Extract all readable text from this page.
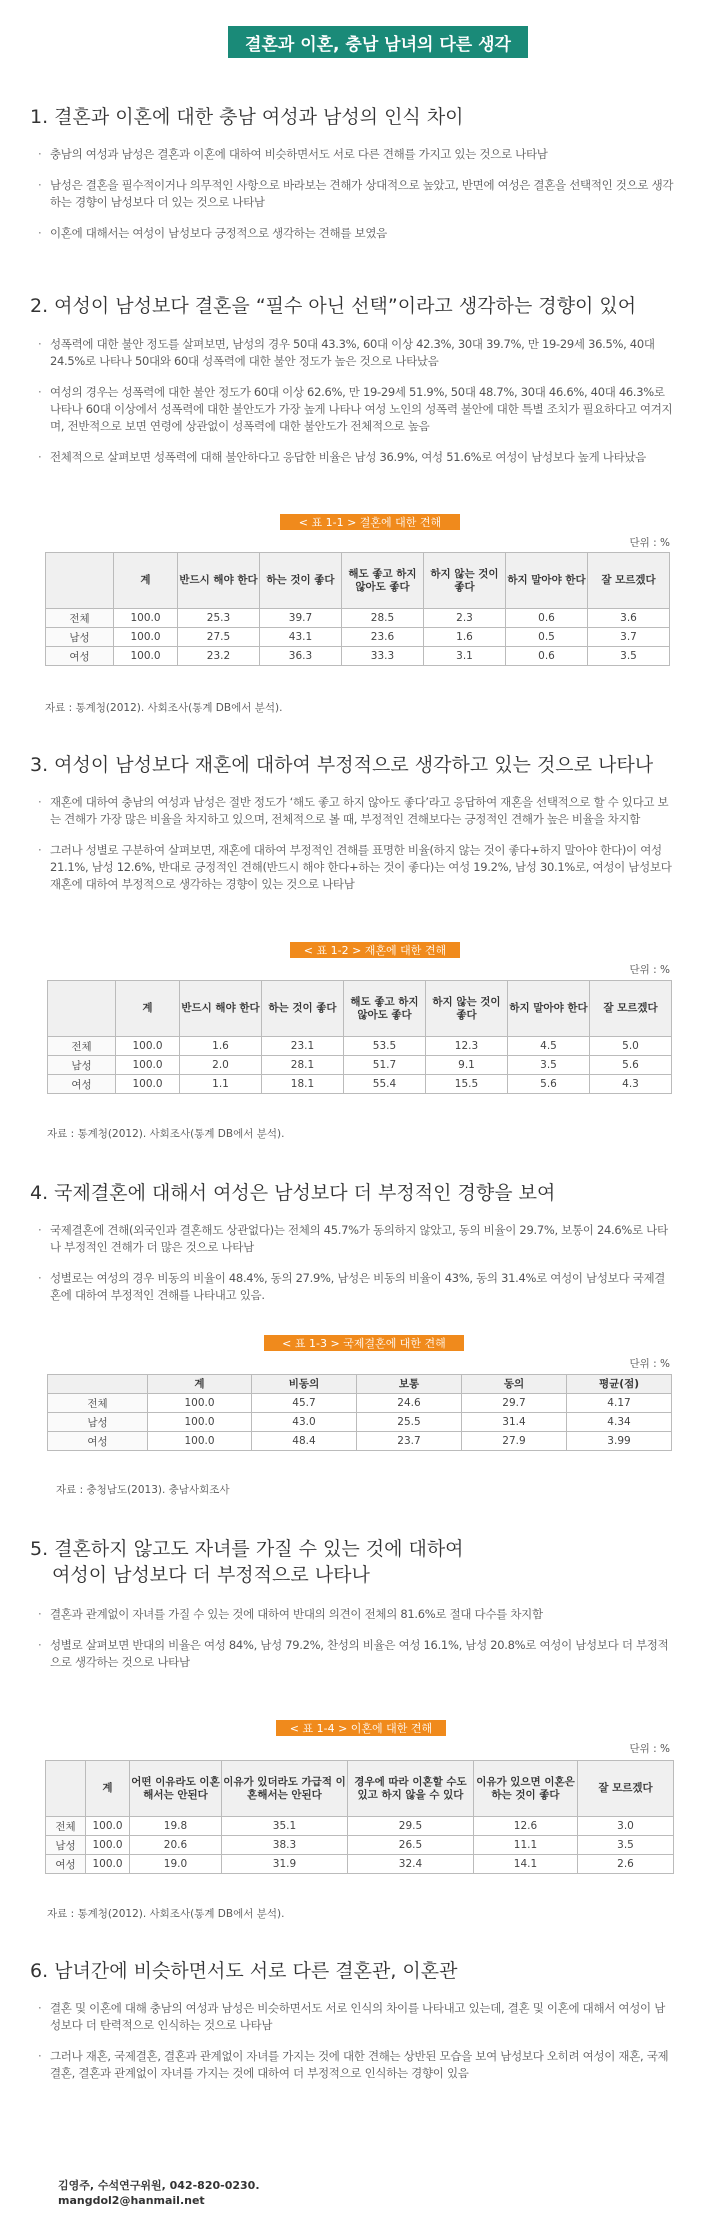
결혼과 이혼, 충남 남녀의 다른 생각
1. 결혼과 이혼에 대한 충남 여성과 남성의 인식 차이
· 충남의 여성과 남성은 결혼과 이혼에 대하여 비슷하면서도 서로 다른 견해를 가지고 있는 것으로 나타남
· 남성은 결혼을 필수적이거나 의무적인 사항으로 바라보는 견해가 상대적으로 높았고, 반면에 여성은 결혼을 선택적인 것으로 생각하는 경향이 남성보다 더 있는 것으로 나타남
· 이혼에 대해서는 여성이 남성보다 긍정적으로 생각하는 견해를 보였음
2. 여성이 남성보다 결혼을 “필수 아닌 선택”이라고 생각하는 경향이 있어
· 성폭력에 대한 불안 정도를 살펴보면, 남성의 경우 50대 43.3%, 60대 이상 42.3%, 30대 39.7%, 만 19-29세 36.5%, 40대 24.5%로 나타나 50대와 60대 성폭력에 대한 불안 정도가 높은 것으로 나타났음
· 여성의 경우는 성폭력에 대한 불안 정도가 60대 이상 62.6%, 만 19-29세 51.9%, 50대 48.7%, 30대 46.6%, 40대 46.3%로 나타나 60대 이상에서 성폭력에 대한 불안도가 가장 높게 나타나 여성 노인의 성폭력 불안에 대한 특별 조치가 필요하다고 여겨지며, 전반적으로 보면 연령에 상관없이 성폭력에 대한 불안도가 전체적으로 높음
· 전체적으로 살펴보면 성폭력에 대해 불안하다고 응답한 비율은 남성 36.9%, 여성 51.6%로 여성이 남성보다 높게 나타났음
< 표 1-1 > 결혼에 대한 견해
단위 : %
	계	반드시 해야 한다	하는 것이 좋다	해도 좋고 하지 않아도 좋다	하지 않는 것이 좋다	하지 말아야 한다	잘 모르겠다
전체	100.0	25.3	39.7	28.5	2.3	0.6	3.6
남성	100.0	27.5	43.1	23.6	1.6	0.5	3.7
여성	100.0	23.2	36.3	33.3	3.1	0.6	3.5
자료 : 통계청(2012). 사회조사(통계 DB에서 분석).
3. 여성이 남성보다 재혼에 대하여 부정적으로 생각하고 있는 것으로 나타나
· 재혼에 대하여 충남의 여성과 남성은 절반 정도가 ‘해도 좋고 하지 않아도 좋다’라고 응답하여 재혼을 선택적으로 할 수 있다고 보는 견해가 가장 많은 비율을 차지하고 있으며, 전체적으로 볼 때, 부정적인 견해보다는 긍정적인 견해가 높은 비율을 차지함
· 그러나 성별로 구분하여 살펴보면, 재혼에 대하여 부정적인 견해를 표명한 비율(하지 않는 것이 좋다+하지 말아야 한다)이 여성 21.1%, 남성 12.6%, 반대로 긍정적인 견해(반드시 해야 한다+하는 것이 좋다)는 여성 19.2%, 남성 30.1%로, 여성이 남성보다 재혼에 대하여 부정적으로 생각하는 경향이 있는 것으로 나타남
< 표 1-2 > 재혼에 대한 견해
단위 : %
	계	반드시 해야 한다	하는 것이 좋다	해도 좋고 하지 않아도 좋다	하지 않는 것이 좋다	하지 말아야 한다	잘 모르겠다
전체	100.0	1.6	23.1	53.5	12.3	4.5	5.0
남성	100.0	2.0	28.1	51.7	9.1	3.5	5.6
여성	100.0	1.1	18.1	55.4	15.5	5.6	4.3
자료 : 통계청(2012). 사회조사(통계 DB에서 분석).
4. 국제결혼에 대해서 여성은 남성보다 더 부정적인 경향을 보여
· 국제결혼에 견해(외국인과 결혼해도 상관없다)는 전체의 45.7%가 동의하지 않았고, 동의 비율이 29.7%, 보통이 24.6%로 나타나 부정적인 견해가 더 많은 것으로 나타남
· 성별로는 여성의 경우 비동의 비율이 48.4%, 동의 27.9%, 남성은 비동의 비율이 43%, 동의 31.4%로 여성이 남성보다 국제결혼에 대하여 부정적인 견해를 나타내고 있음.
< 표 1-3 > 국제결혼에 대한 견해
단위 : %
	계	비동의	보통	동의	평균(점)
전체	100.0	45.7	24.6	29.7	4.17
남성	100.0	43.0	25.5	31.4	4.34
여성	100.0	48.4	23.7	27.9	3.99
자료 : 충청남도(2013). 충남사회조사
5. 결혼하지 않고도 자녀를 가질 수 있는 것에 대하여
여성이 남성보다 더 부정적으로 나타나
· 결혼과 관계없이 자녀를 가질 수 있는 것에 대하여 반대의 의견이 전체의 81.6%로 절대 다수를 차지함
· 성별로 살펴보면 반대의 비율은 여성 84%, 남성 79.2%, 찬성의 비율은 여성 16.1%, 남성 20.8%로 여성이 남성보다 더 부정적으로 생각하는 것으로 나타남
< 표 1-4 > 이혼에 대한 견해
단위 : %
	계	어떤 이유라도 이혼해서는 안된다	이유가 있더라도 가급적 이혼해서는 안된다	경우에 따라 이혼할 수도 있고 하지 않을 수 있다	이유가 있으면 이혼은 하는 것이 좋다	잘 모르겠다
전체	100.0	19.8	35.1	29.5	12.6	3.0
남성	100.0	20.6	38.3	26.5	11.1	3.5
여성	100.0	19.0	31.9	32.4	14.1	2.6
자료 : 통계청(2012). 사회조사(통계 DB에서 분석).
6. 남녀간에 비슷하면서도 서로 다른 결혼관, 이혼관
· 결혼 및 이혼에 대해 충남의 여성과 남성은 비슷하면서도 서로 인식의 차이를 나타내고 있는데, 결혼 및 이혼에 대해서 여성이 남성보다 더 탄력적으로 인식하는 것으로 나타남
· 그러나 재혼, 국제결혼, 결혼과 관계없이 자녀를 가지는 것에 대한 견해는 상반된 모습을 보여 남성보다 오히려 여성이 재혼, 국제결혼, 결혼과 관계없이 자녀를 가지는 것에 대하여 더 부정적으로 인식하는 경향이 있음
김영주, 수석연구위원, 042-820-0230.
mangdol2@hanmail.net
